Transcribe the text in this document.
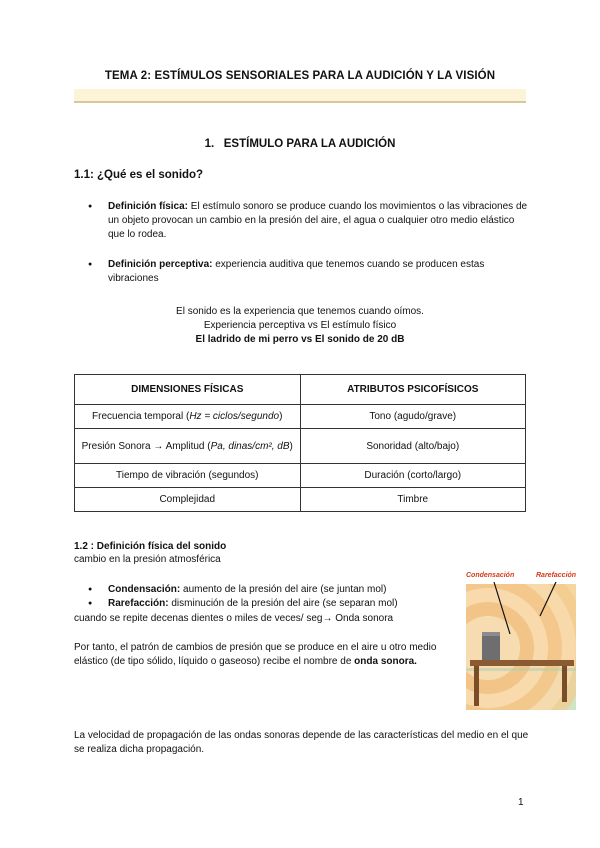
TEMA 2: ESTÍMULOS SENSORIALES PARA LA AUDICIÓN Y LA VISIÓN
1. ESTÍMULO PARA LA AUDICIÓN
1.1: ¿Qué es el sonido?
● Definición física: El estímulo sonoro se produce cuando los movimientos o las vibraciones de un objeto provocan un cambio en la presión del aire, el agua o cualquier otro medio elástico que lo rodea.
● Definición perceptiva: experiencia auditiva que tenemos cuando se producen estas vibraciones
El sonido es la experiencia que tenemos cuando oímos.
Experiencia perceptiva vs El estímulo físico
El ladrido de mi perro vs El sonido de 20 dB
DIMENSIONES FÍSICAS	ATRIBUTOS PSICOFÍSICOS
Frecuencia temporal (Hz = ciclos/segundo)	Tono (agudo/grave)
Presión Sonora → Amplitud (Pa, dinas/cm², dB)	Sonoridad (alto/bajo)
Tiempo de vibración (segundos)	Duración (corto/largo)
Complejidad	Timbre
1.2 : Definición física del sonido
cambio en la presión atmosférica
● Condensación: aumento de la presión del aire (se juntan mol)
● Rarefacción: disminución de la presión del aire (se separan mol)
cuando se repite decenas dientes o miles de veces/ seg→ Onda sonora
Por tanto, el patrón de cambios de presión que se produce en el aire u otro medio elástico (de tipo sólido, líquido o gaseoso) recibe el nombre de onda sonora.
La velocidad de propagación de las ondas sonoras depende de las características del medio en el que se realiza dicha propagación.
Condensación	Rarefacción
1
